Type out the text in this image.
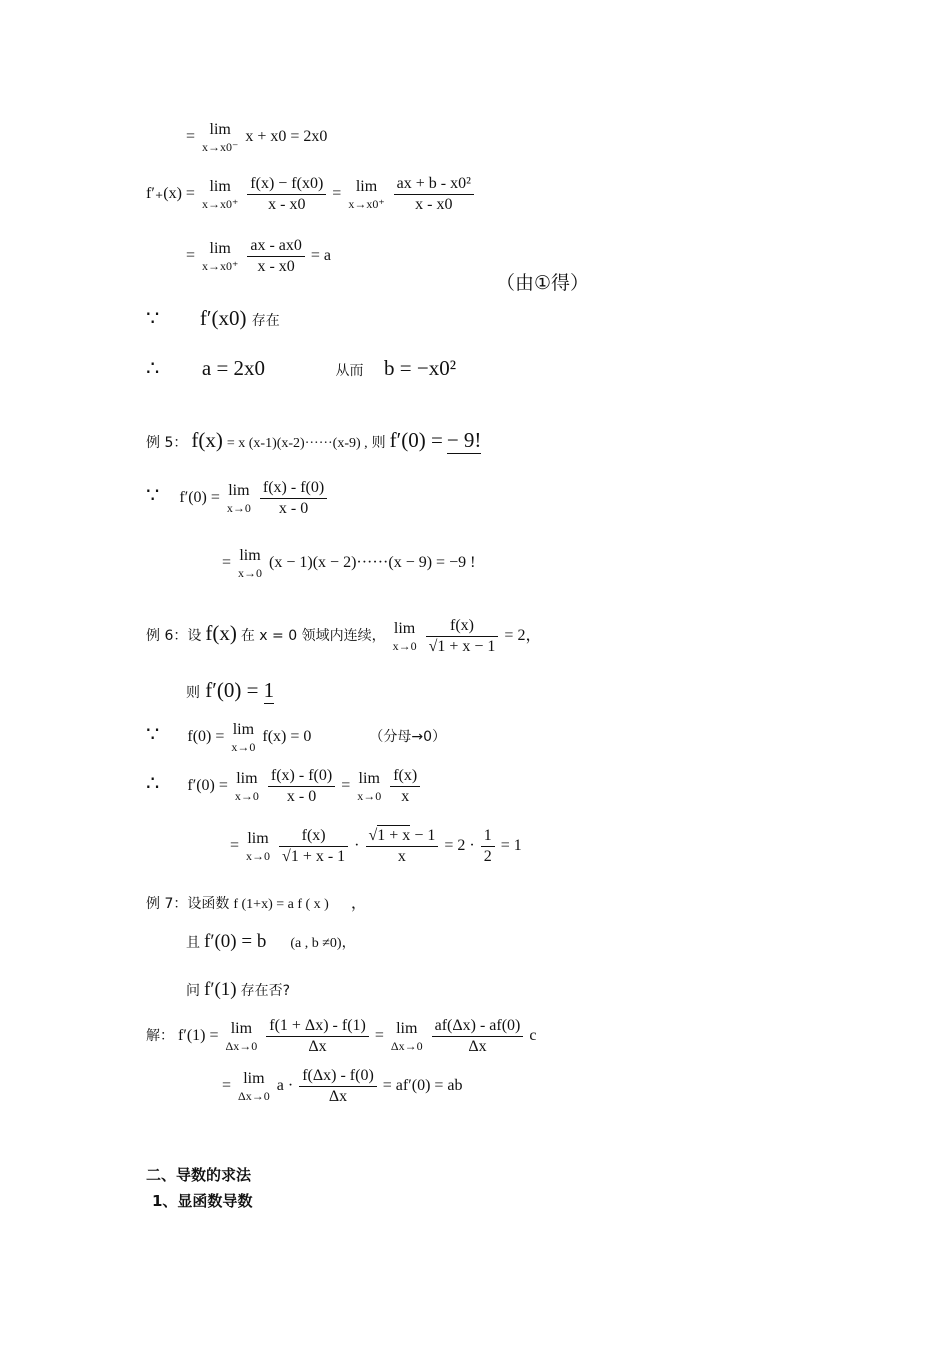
= lim
x→x0⁻
x + x0 = 2x0
f′₊(x) = lim
x→x0⁺
$\frac{f(x) - f(x0)}{x - x0} = \lim$
x→x0⁺
$\frac{\text{ax + b - x0²}}{x - x0}$
= lim
x→x0⁺
$\frac{ax - ax0}{x - x0} = a$
（由①得）
∵ f′(x0) 存在
∴ a = 2x0	从而 b = −x0²
例 5： f(x) = x (x-1)(x-2)······(x-9) , 则 f′(0) = − 9!
∵ f′(0) = lim
x→0
$\frac{f(x) - f(0)}{x - 0}$
= lim
x→0
(x − 1)(x − 2)······(x − 9) = −9 !
例 6：设 f(x) 在 x = 0 领域内连续， lim
x→0
$\frac{f(x)}{√1 + x - 1} = 2$，
则 f′(0) = 1
∵ f(0) = lim
x→0
f(x) = 0	（分母→0）
∴ f′(0) = lim
x→0
$\frac{f(x) - f(0)}{x - 0} = \lim$
x→0
$\frac{f(x)}{x}$
= lim
x→0
$\frac{f(x)}{√1 + x - 1} \cdot \frac{√1 + x - 1}{x} = 2 \cdot \frac{1}{2} = 1$
例 7：设函数 f (1+x) = a f ( x ) ，
且 f′(0) = b (a , b ≠0)，
问 f′(1) 存在否?
解： f′(1) = lim
Δx→0
$\frac{f(1 + \Delta x) - f(1)}{\Delta x} = \lim$
Δx→0
$\frac{af(\Delta x) - af(0)}{\Delta x}$ c
= lim
Δx→0
$a \cdot \frac{f(\Delta x) - f(0)}{\Delta x} = af'(0)$ = ab
二、导数的求法
1、显函数导数
